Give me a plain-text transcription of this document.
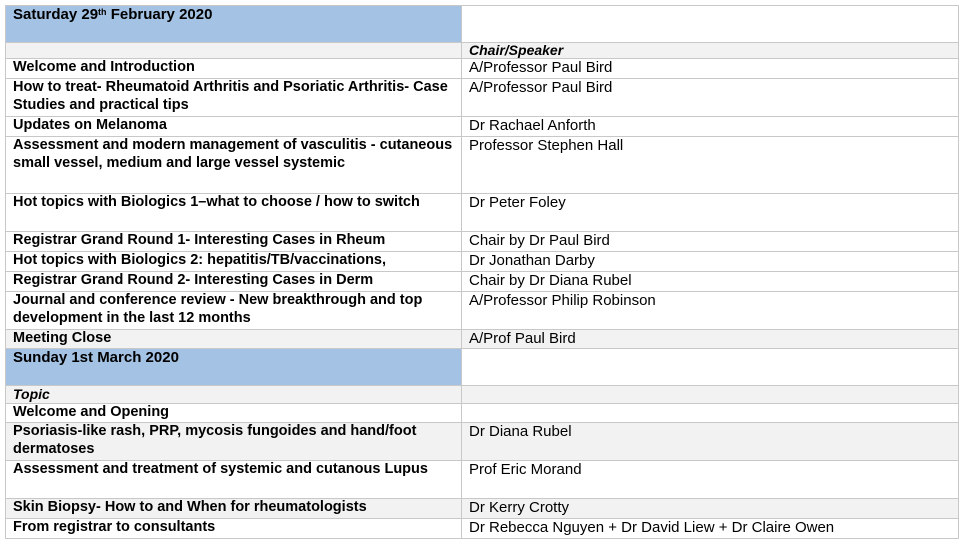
Saturday 29th February 2020	
	Chair/Speaker
Welcome and Introduction	A/Professor Paul Bird
How to treat- Rheumatoid Arthritis and Psoriatic Arthritis- Case Studies and practical tips	A/Professor Paul Bird
Updates on Melanoma	Dr Rachael Anforth
Assessment and modern management of vasculitis - cutaneous small vessel, medium and large vessel systemic	Professor Stephen Hall
Hot topics with Biologics 1–what to choose / how to switch	Dr Peter Foley
Registrar Grand Round 1- Interesting Cases in Rheum	Chair by Dr Paul Bird
Hot topics with Biologics 2: hepatitis/TB/vaccinations,	Dr Jonathan Darby
Registrar Grand Round 2- Interesting Cases in Derm	Chair by Dr Diana Rubel
Journal and conference review - New breakthrough and top development in the last 12 months	A/Professor Philip Robinson
Meeting Close	A/Prof Paul Bird
Sunday 1st March 2020	
Topic	
Welcome and Opening	
Psoriasis-like rash, PRP, mycosis fungoides and hand/foot dermatoses	Dr Diana Rubel
Assessment and treatment of systemic and cutanous Lupus	Prof Eric Morand
Skin Biopsy- How to and When for rheumatologists	Dr Kerry Crotty
From registrar to consultants	Dr Rebecca Nguyen + Dr David Liew + Dr Claire Owen
